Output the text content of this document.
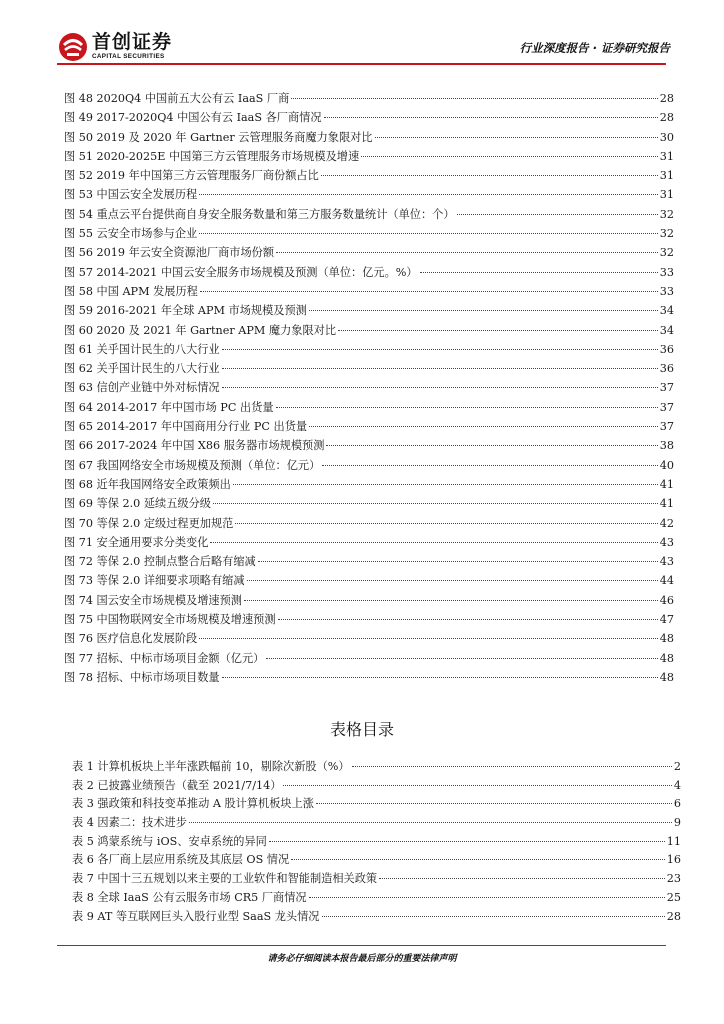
首创证券
CAPITAL SECURITIES
行业深度报告 · 证券研究报告
图 48 2020Q4 中国前五大公有云 IaaS 厂商	28
图 49 2017-2020Q4 中国公有云 IaaS 各厂商情况	28
图 50 2019 及 2020 年 Gartner 云管理服务商魔力象限对比	30
图 51 2020-2025E 中国第三方云管理服务市场规模及增速	31
图 52 2019 年中国第三方云管理服务厂商份额占比	31
图 53 中国云安全发展历程	31
图 54 重点云平台提供商自身安全服务数量和第三方服务数量统计（单位：个）	32
图 55 云安全市场参与企业	32
图 56 2019 年云安全资源池厂商市场份额	32
图 57 2014-2021 中国云安全服务市场规模及预测（单位：亿元。%）	33
图 58 中国 APM 发展历程	33
图 59 2016-2021 年全球 APM 市场规模及预测	34
图 60 2020 及 2021 年 Gartner APM 魔力象限对比	34
图 61 关乎国计民生的八大行业	36
图 62 关乎国计民生的八大行业	36
图 63 信创产业链中外对标情况	37
图 64 2014-2017 年中国市场 PC 出货量	37
图 65 2014-2017 年中国商用分行业 PC 出货量	37
图 66 2017-2024 年中国 X86 服务器市场规模预测	38
图 67 我国网络安全市场规模及预测（单位：亿元）	40
图 68 近年我国网络安全政策频出	41
图 69 等保 2.0 延续五级分级	41
图 70 等保 2.0 定级过程更加规范	42
图 71 安全通用要求分类变化	43
图 72 等保 2.0 控制点整合后略有缩减	43
图 73 等保 2.0 详细要求项略有缩减	44
图 74 国云安全市场规模及增速预测	46
图 75 中国物联网安全市场规模及增速预测	47
图 76 医疗信息化发展阶段	48
图 77 招标、中标市场项目金额（亿元）	48
图 78 招标、中标市场项目数量	48
表格目录
表 1 计算机板块上半年涨跌幅前 10，剔除次新股（%）	2
表 2 已披露业绩预告（截至 2021/7/14）	4
表 3 强政策和科技变革推动 A 股计算机板块上涨	6
表 4 因素二：技术进步	9
表 5 鸿蒙系统与 iOS、安卓系统的异同	11
表 6 各厂商上层应用系统及其底层 OS 情况	16
表 7 中国十三五规划以来主要的工业软件和智能制造相关政策	23
表 8 全球 IaaS 公有云服务市场 CR5 厂商情况	25
表 9 AT 等互联网巨头入股行业型 SaaS 龙头情况	28
请务必仔细阅读本报告最后部分的重要法律声明
